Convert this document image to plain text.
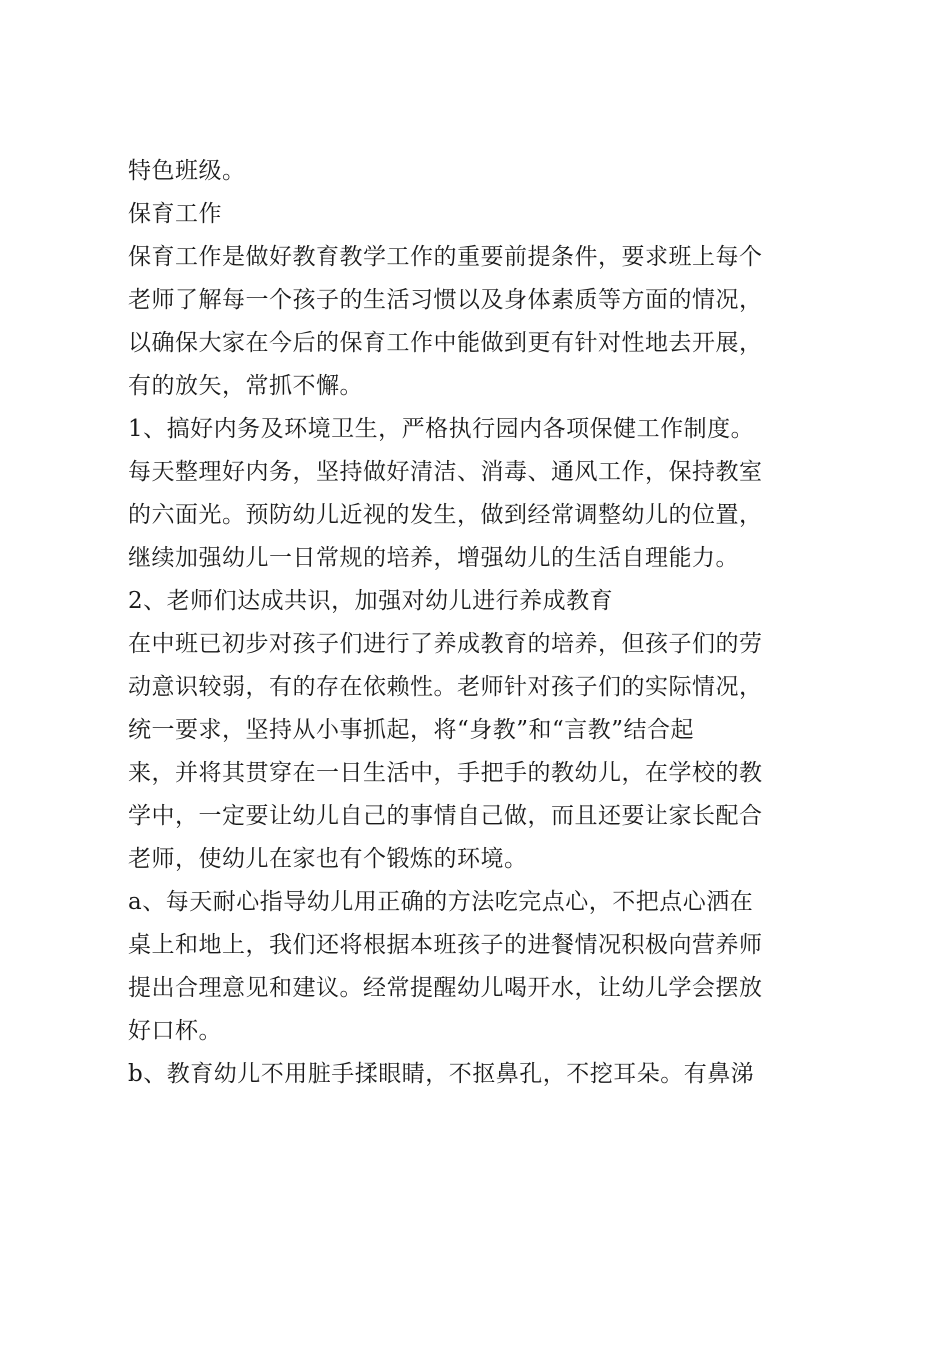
特色班级。
保育工作
保育工作是做好教育教学工作的重要前提条件，要求班上每个
老师了解每一个孩子的生活习惯以及身体素质等方面的情况，
以确保大家在今后的保育工作中能做到更有针对性地去开展，
有的放矢，常抓不懈。
1、搞好内务及环境卫生，严格执行园内各项保健工作制度。
每天整理好内务，坚持做好清洁、消毒、通风工作，保持教室
的六面光。预防幼儿近视的发生，做到经常调整幼儿的位置，
继续加强幼儿一日常规的培养，增强幼儿的生活自理能力。
2、老师们达成共识，加强对幼儿进行养成教育
在中班已初步对孩子们进行了养成教育的培养，但孩子们的劳
动意识较弱，有的存在依赖性。老师针对孩子们的实际情况，
统一要求，坚持从小事抓起，将“身教”和“言教”结合起
来，并将其贯穿在一日生活中，手把手的教幼儿，在学校的教
学中，一定要让幼儿自己的事情自己做，而且还要让家长配合
老师，使幼儿在家也有个锻炼的环境。
a、每天耐心指导幼儿用正确的方法吃完点心，不把点心洒在
桌上和地上，我们还将根据本班孩子的进餐情况积极向营养师
提出合理意见和建议。经常提醒幼儿喝开水，让幼儿学会摆放
好口杯。
b、教育幼儿不用脏手揉眼睛，不抠鼻孔，不挖耳朵。有鼻涕
